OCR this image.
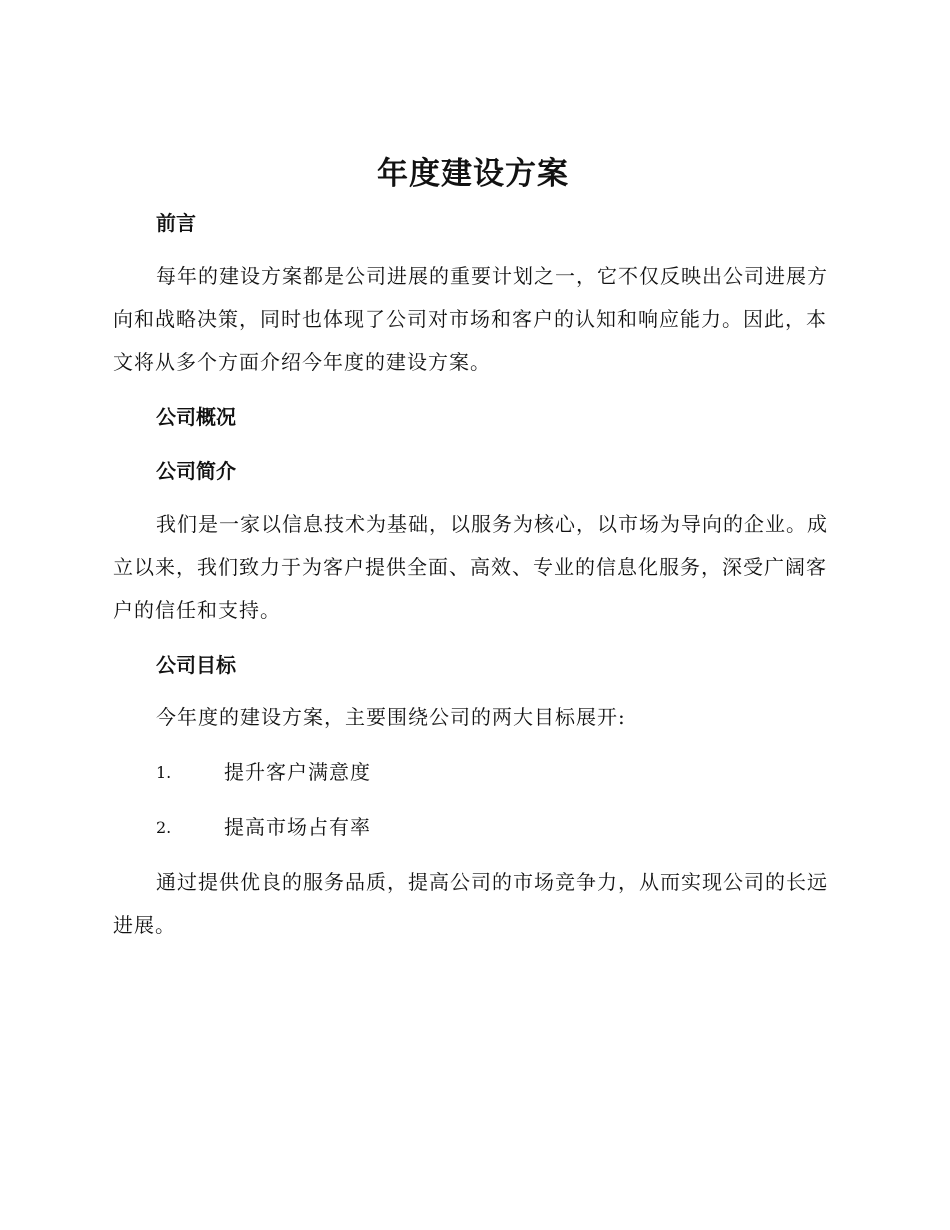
年度建设方案
前言

每年的建设方案都是公司进展的重要计划之一，它不仅反映出公司进展方向和战略决策，同时也体现了公司对市场和客户的认知和响应能力。因此，本文将从多个方面介绍今年度的建设方案。

公司概况
公司简介

我们是一家以信息技术为基础，以服务为核心，以市场为导向的企业。成立以来，我们致力于为客户提供全面、高效、专业的信息化服务，深受广阔客户的信任和支持。

公司目标

今年度的建设方案，主要围绕公司的两大目标展开:

1.	提升客户满意度
2.	提高市场占有率

通过提供优良的服务品质，提高公司的市场竞争力，从而实现公司的长远进展。
